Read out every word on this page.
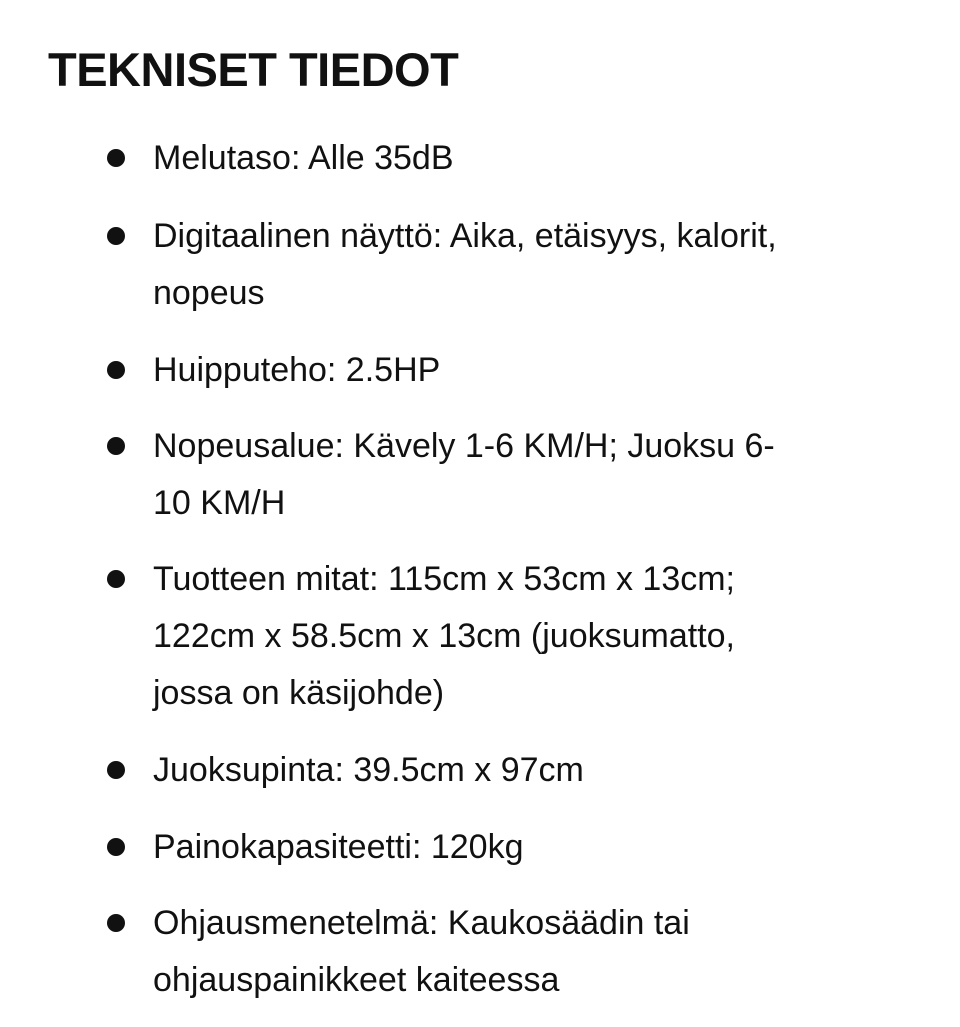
TEKNISET TIEDOT
Melutaso: Alle 35dB
Digitaalinen näyttö: Aika, etäisyys, kalorit,
nopeus
Huipputeho: 2.5HP
Nopeusalue: Kävely 1-6 KM/H; Juoksu 6-
10 KM/H
Tuotteen mitat: 115cm x 53cm x 13cm;
122cm x 58.5cm x 13cm (juoksumatto,
jossa on käsijohde)
Juoksupinta: 39.5cm x 97cm
Painokapasiteetti: 120kg
Ohjausmenetelmä: Kaukosäädin tai
ohjauspainikkeet kaiteessa
